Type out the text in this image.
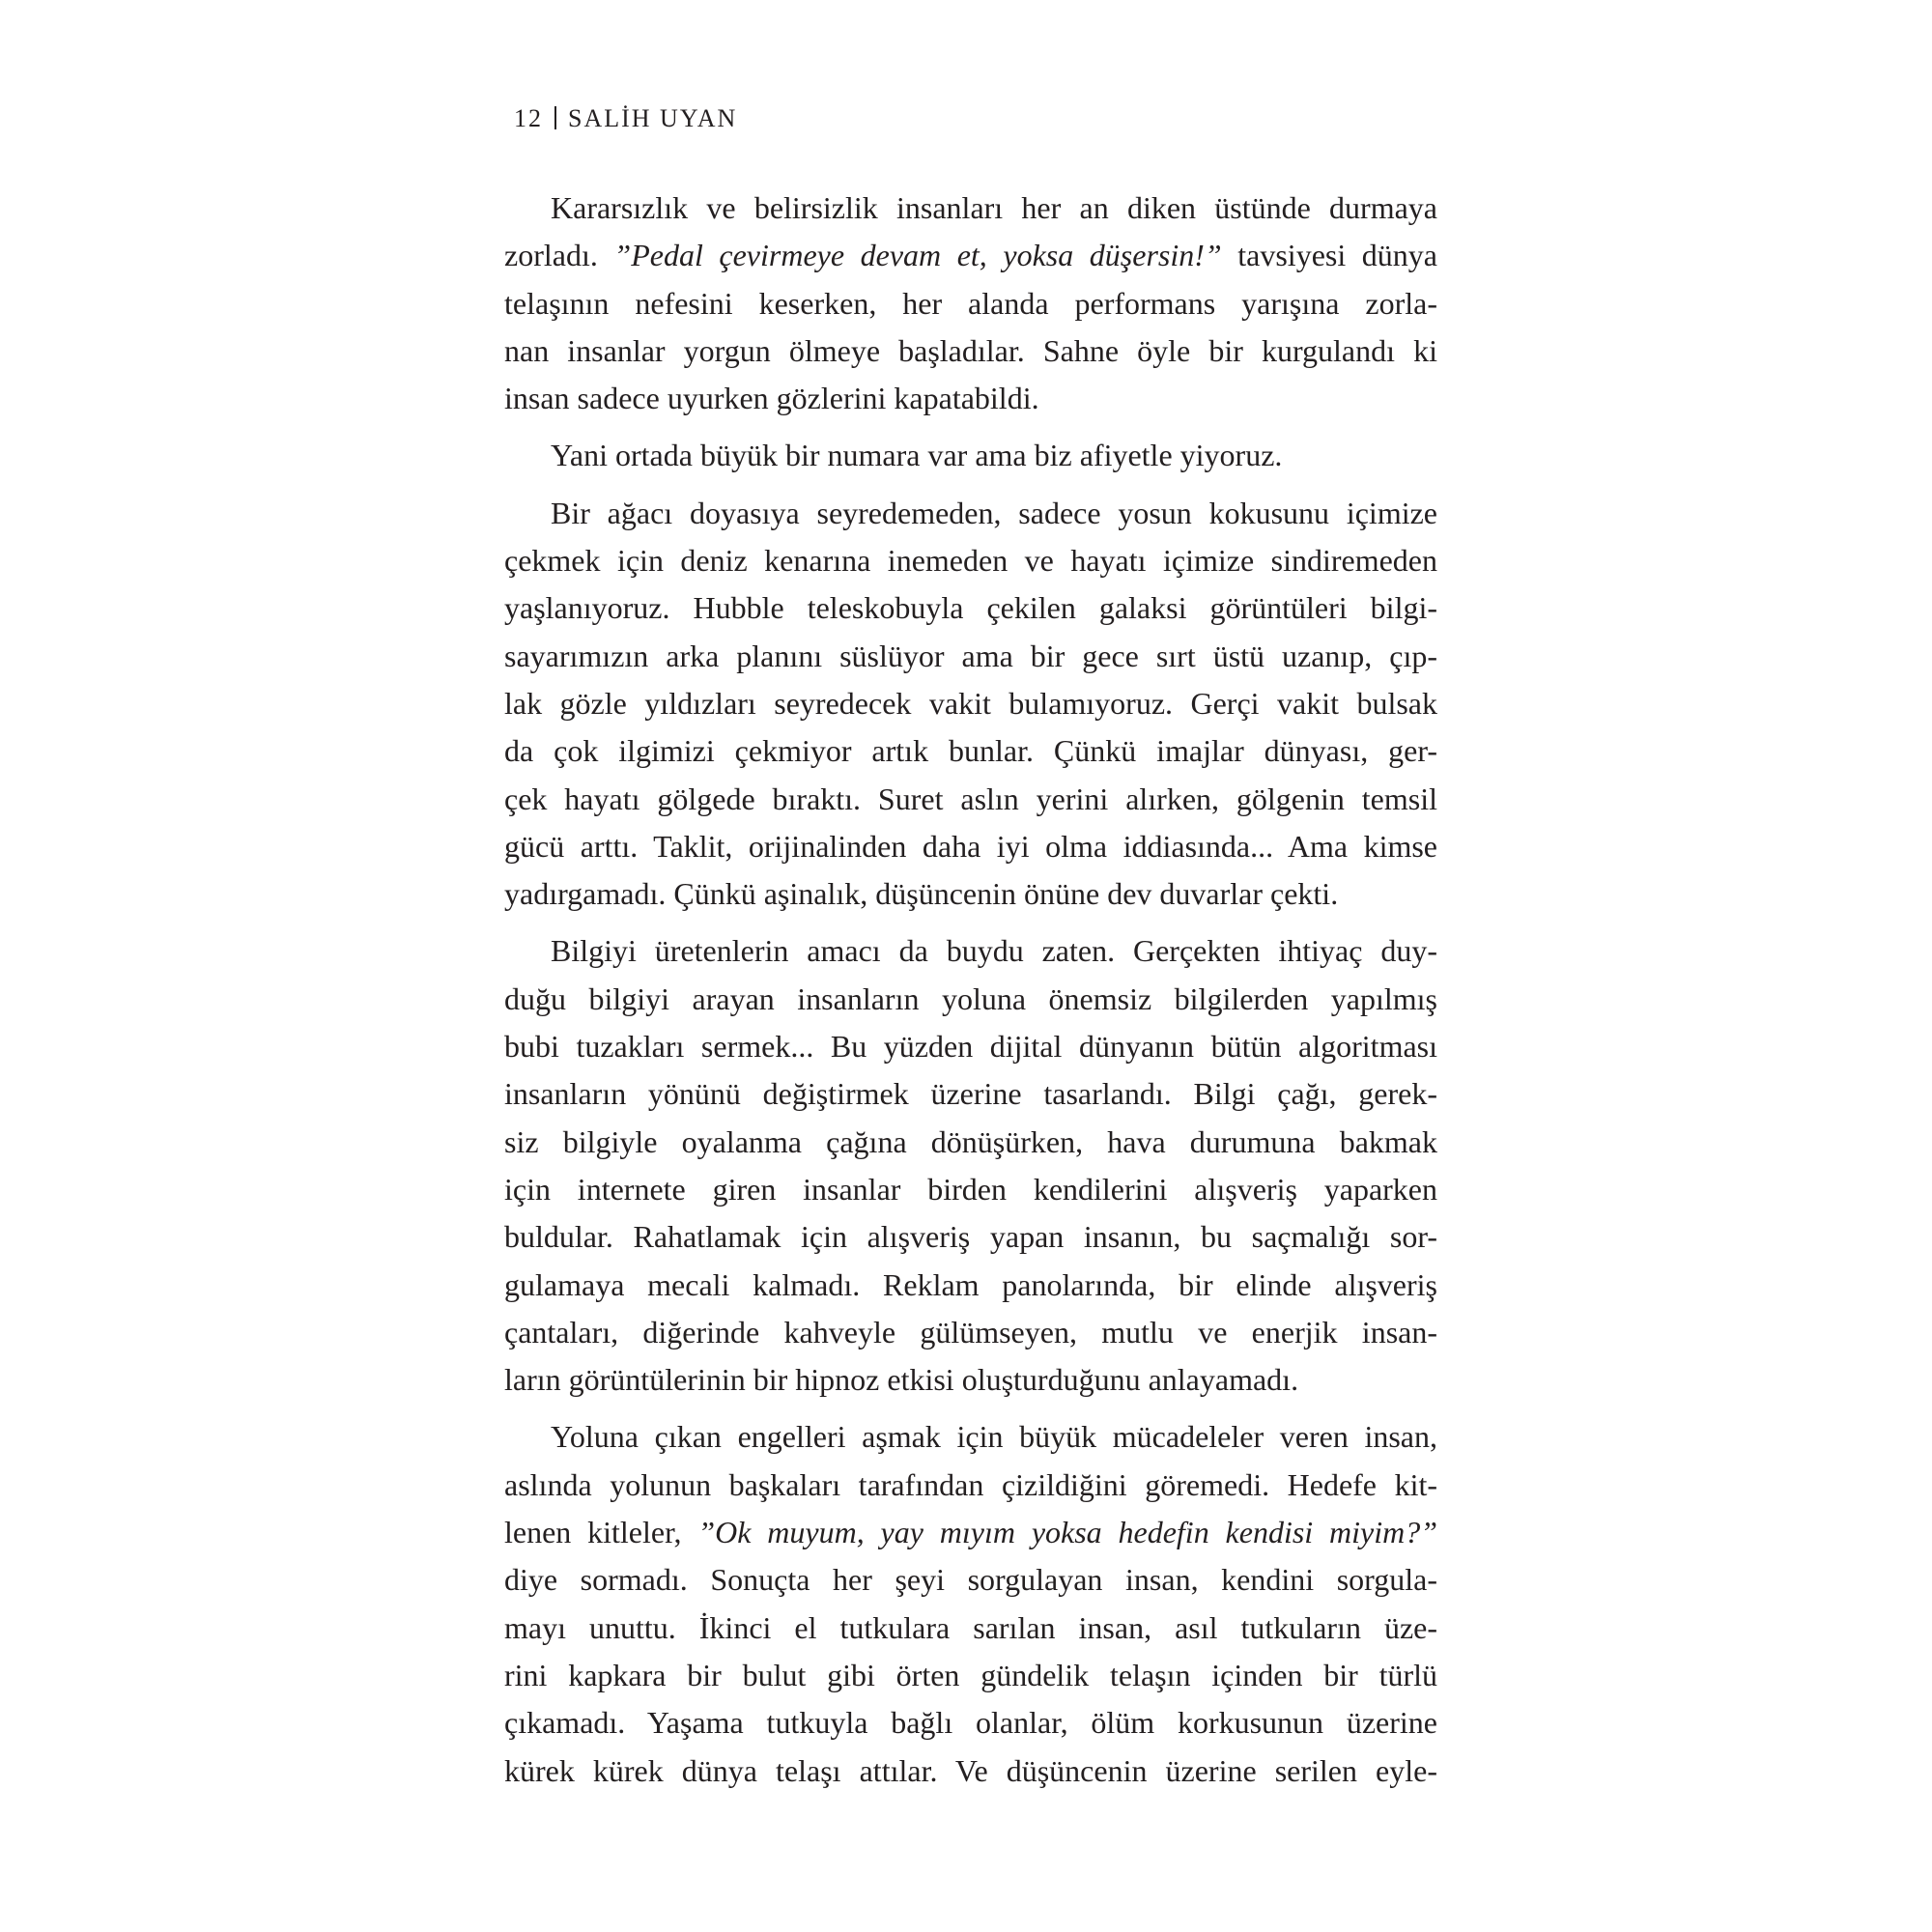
12 SALİH UYAN
Kararsızlık ve belirsizlik insanları her an diken üstünde durmaya
zorladı. ”Pedal çevirmeye devam et, yoksa düşersin!” tavsiyesi dünya
telaşının nefesini keserken, her alanda performans yarışına zorla-
nan insanlar yorgun ölmeye başladılar. Sahne öyle bir kurgulandı ki
insan sadece uyurken gözlerini kapatabildi.
Yani ortada büyük bir numara var ama biz afiyetle yiyoruz.
Bir ağacı doyasıya seyredemeden, sadece yosun kokusunu içimize
çekmek için deniz kenarına inemeden ve hayatı içimize sindiremeden
yaşlanıyoruz. Hubble teleskobuyla çekilen galaksi görüntüleri bilgi-
sayarımızın arka planını süslüyor ama bir gece sırt üstü uzanıp, çıp-
lak gözle yıldızları seyredecek vakit bulamıyoruz. Gerçi vakit bulsak
da çok ilgimizi çekmiyor artık bunlar. Çünkü imajlar dünyası, ger-
çek hayatı gölgede bıraktı. Suret aslın yerini alırken, gölgenin temsil
gücü arttı. Taklit, orijinalinden daha iyi olma iddiasında... Ama kimse
yadırgamadı. Çünkü aşinalık, düşüncenin önüne dev duvarlar çekti.
Bilgiyi üretenlerin amacı da buydu zaten. Gerçekten ihtiyaç duy-
duğu bilgiyi arayan insanların yoluna önemsiz bilgilerden yapılmış
bubi tuzakları sermek... Bu yüzden dijital dünyanın bütün algoritması
insanların yönünü değiştirmek üzerine tasarlandı. Bilgi çağı, gerek-
siz bilgiyle oyalanma çağına dönüşürken, hava durumuna bakmak
için internete giren insanlar birden kendilerini alışveriş yaparken
buldular. Rahatlamak için alışveriş yapan insanın, bu saçmalığı sor-
gulamaya mecali kalmadı. Reklam panolarında, bir elinde alışveriş
çantaları, diğerinde kahveyle gülümseyen, mutlu ve enerjik insan-
ların görüntülerinin bir hipnoz etkisi oluşturduğunu anlayamadı.
Yoluna çıkan engelleri aşmak için büyük mücadeleler veren insan,
aslında yolunun başkaları tarafından çizildiğini göremedi. Hedefe kit-
lenen kitleler, ”Ok muyum, yay mıyım yoksa hedefin kendisi miyim?”
diye sormadı. Sonuçta her şeyi sorgulayan insan, kendini sorgula-
mayı unuttu. İkinci el tutkulara sarılan insan, asıl tutkuların üze-
rini kapkara bir bulut gibi örten gündelik telaşın içinden bir türlü
çıkamadı. Yaşama tutkuyla bağlı olanlar, ölüm korkusunun üzerine
kürek kürek dünya telaşı attılar. Ve düşüncenin üzerine serilen eyle-
